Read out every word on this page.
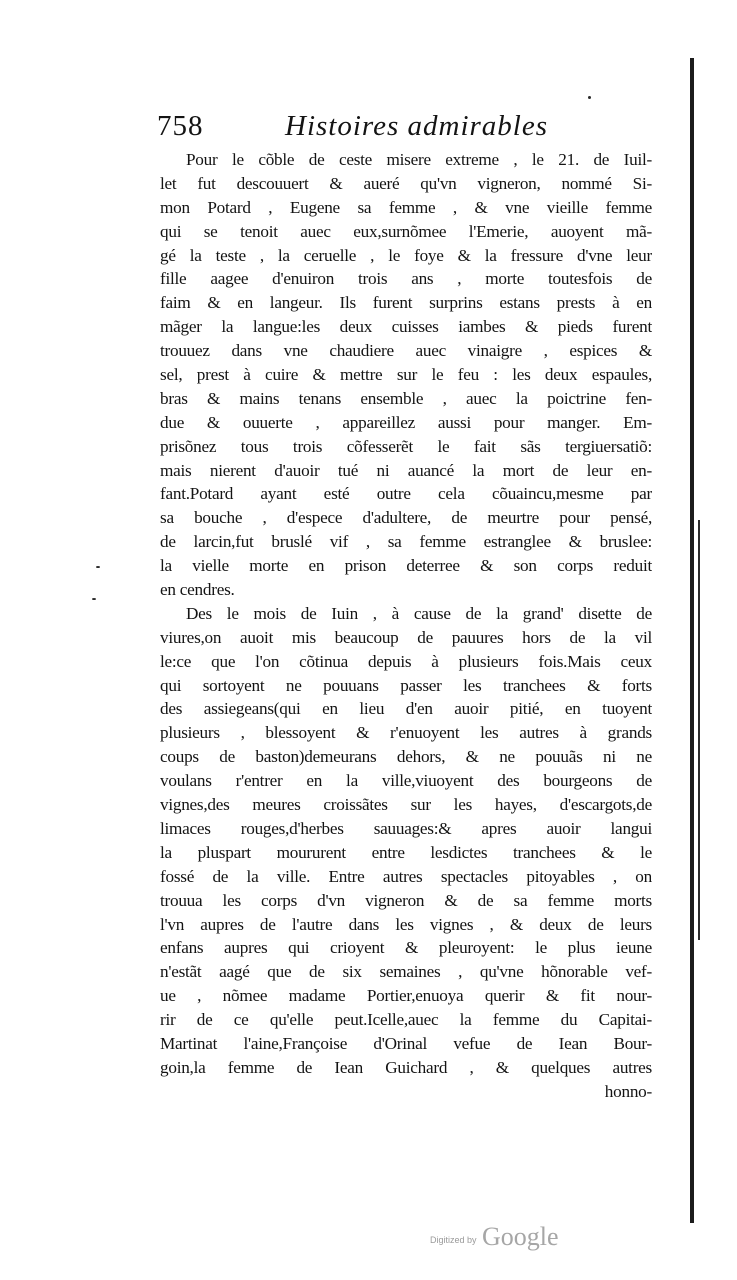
758	Histoires admirables
Pour le cõble de ceste misere extreme , le 21. de Iuil-
let fut descouuert & aueré qu'vn vigneron, nommé Si-
mon Potard , Eugene sa femme , & vne vieille femme
qui se tenoit auec eux,surnõmee l'Emerie, auoyent mã-
gé la teste , la ceruelle , le foye & la fressure d'vne leur
fille aagee d'enuiron trois ans , morte toutesfois de
faim & en langeur. Ils furent surprins estans prests à en
mãger la langue:les deux cuisses iambes & pieds furent
trouuez dans vne chaudiere auec vinaigre , espices &
sel, prest à cuire & mettre sur le feu : les deux espaules,
bras & mains tenans ensemble , auec la poictrine fen-
due & ouuerte , appareillez aussi pour manger. Em-
prisõnez tous trois cõfesserẽt le fait sãs tergiuersatiõ:
mais nierent d'auoir tué ni auancé la mort de leur en-
fant.Potard ayant esté outre cela cõuaincu,mesme par
sa bouche , d'espece d'adultere, de meurtre pour pensé,
de larcin,fut bruslé vif , sa femme estranglee & bruslee:
la vielle morte en prison deterree & son corps reduit
en cendres.
Des le mois de Iuin , à cause de la grand' disette de
viures,on auoit mis beaucoup de pauures hors de la vil
le:ce que l'on cõtinua depuis à plusieurs fois.Mais ceux
qui sortoyent ne pouuans passer les tranchees & forts
des assiegeans(qui en lieu d'en auoir pitié, en tuoyent
plusieurs , blessoyent & r'enuoyent les autres à grands
coups de baston)demeurans dehors, & ne pouuãs ni ne
voulans r'entrer en la ville,viuoyent des bourgeons de
vignes,des meures croissãtes sur les hayes, d'escargots,de
limaces rouges,d'herbes sauuages:& apres auoir langui
la pluspart moururent entre lesdictes tranchees & le
fossé de la ville. Entre autres spectacles pitoyables , on
trouua les corps d'vn vigneron & de sa femme morts
l'vn aupres de l'autre dans les vignes , & deux de leurs
enfans aupres qui crioyent & pleuroyent: le plus ieune
n'estãt aagé que de six semaines , qu'vne hõnorable vef-
ue , nõmee madame Portier,enuoya querir & fit nour-
rir de ce qu'elle peut.Icelle,auec la femme du Capitai-
Martinat l'aine,Françoise d'Orinal vefue de Iean Bour-
goin,la femme de Iean Guichard , & quelques autres
honno-
Digitized by Google
